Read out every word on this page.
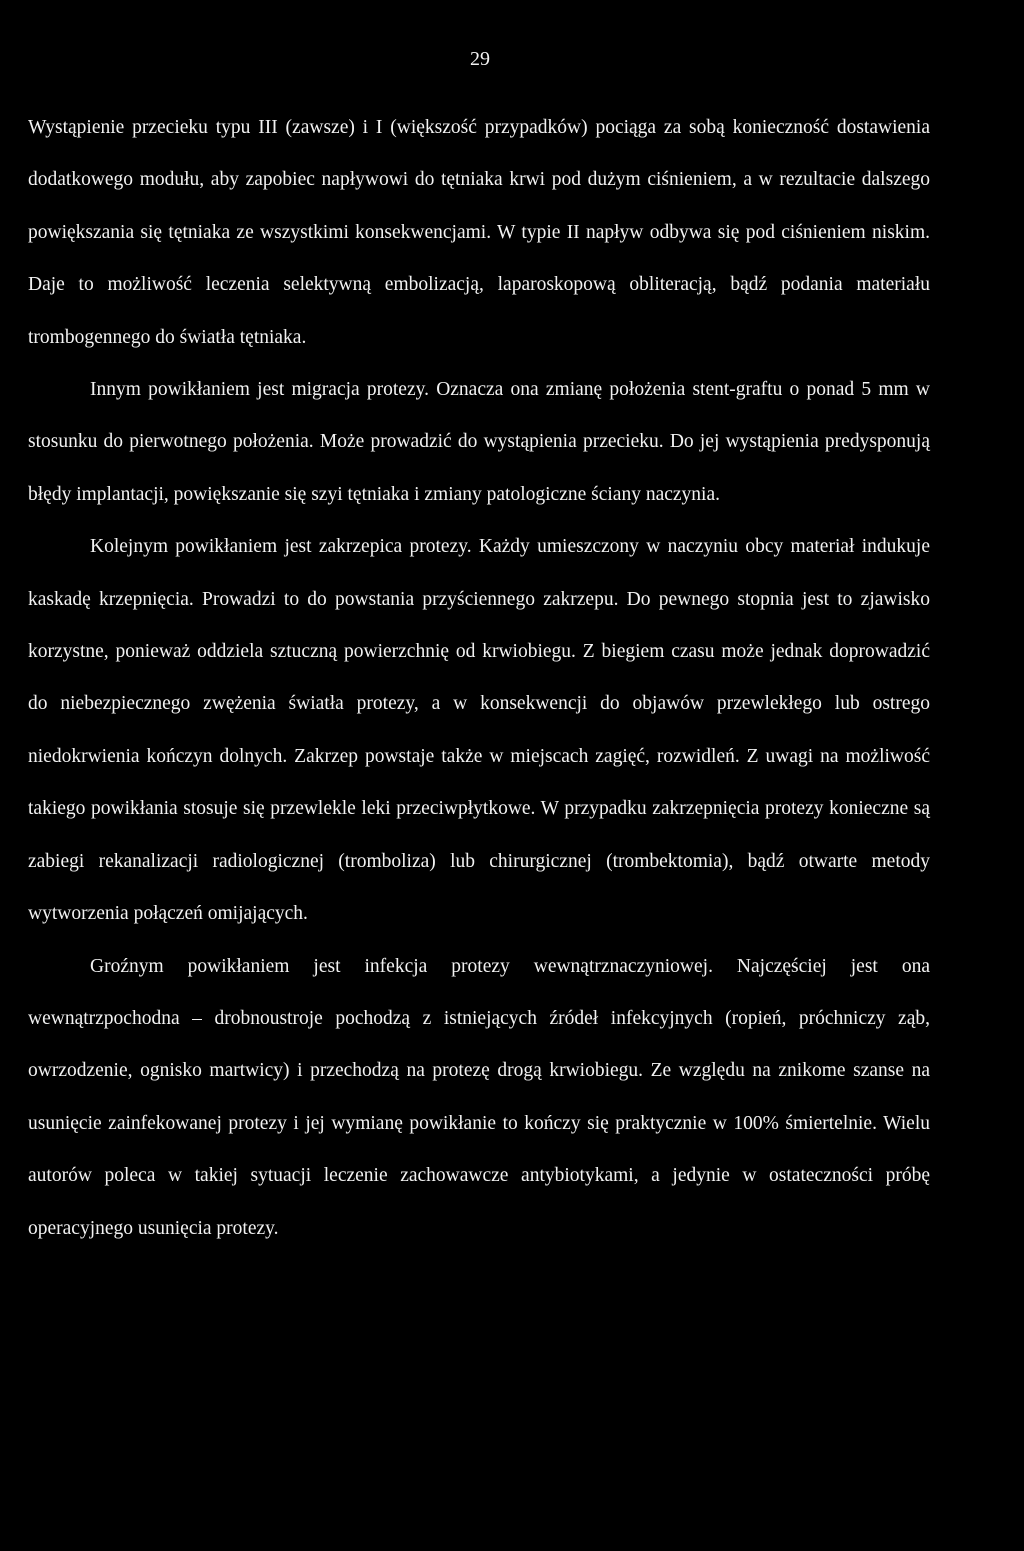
29

Wystąpienie przecieku typu III (zawsze) i I (większość przypadków) pociąga za sobą konieczność dostawienia dodatkowego modułu, aby zapobiec napływowi do tętniaka krwi pod dużym ciśnieniem, a w rezultacie dalszego powiększania się tętniaka ze wszystkimi konsekwencjami. W typie II napływ odbywa się pod ciśnieniem niskim. Daje to możliwość leczenia selektywną embolizacją, laparoskopową obliteracją, bądź podania materiału trombogennego do światła tętniaka.

Innym powikłaniem jest migracja protezy. Oznacza ona zmianę położenia stent-graftu o ponad 5 mm w stosunku do pierwotnego położenia. Może prowadzić do wystąpienia przecieku. Do jej wystąpienia predysponują błędy implantacji, powiększanie się szyi tętniaka i zmiany patologiczne ściany naczynia.

Kolejnym powikłaniem jest zakrzepica protezy. Każdy umieszczony w naczyniu obcy materiał indukuje kaskadę krzepnięcia. Prowadzi to do powstania przyściennego zakrzepu. Do pewnego stopnia jest to zjawisko korzystne, ponieważ oddziela sztuczną powierzchnię od krwiobiegu. Z biegiem czasu może jednak doprowadzić do niebezpiecznego zwężenia światła protezy, a w konsekwencji do objawów przewlekłego lub ostrego niedokrwienia kończyn dolnych. Zakrzep powstaje także w miejscach zagięć, rozwidleń. Z uwagi na możliwość takiego powikłania stosuje się przewlekle leki przeciwpłytkowe. W przypadku zakrzepnięcia protezy konieczne są zabiegi rekanalizacji radiologicznej (tromboliza) lub chirurgicznej (trombektomia), bądź otwarte metody wytworzenia połączeń omijających.

Groźnym powikłaniem jest infekcja protezy wewnątrznaczyniowej. Najczęściej jest ona wewnątrzpochodna – drobnoustroje pochodzą z istniejących źródeł infekcyjnych (ropień, próchniczy ząb, owrzodzenie, ognisko martwicy) i przechodzą na protezę drogą krwiobiegu. Ze względu na znikome szanse na usunięcie zainfekowanej protezy i jej wymianę powikłanie to kończy się praktycznie w 100% śmiertelnie. Wielu autorów poleca w takiej sytuacji leczenie zachowawcze antybiotykami, a jedynie w ostateczności próbę operacyjnego usunięcia protezy.
